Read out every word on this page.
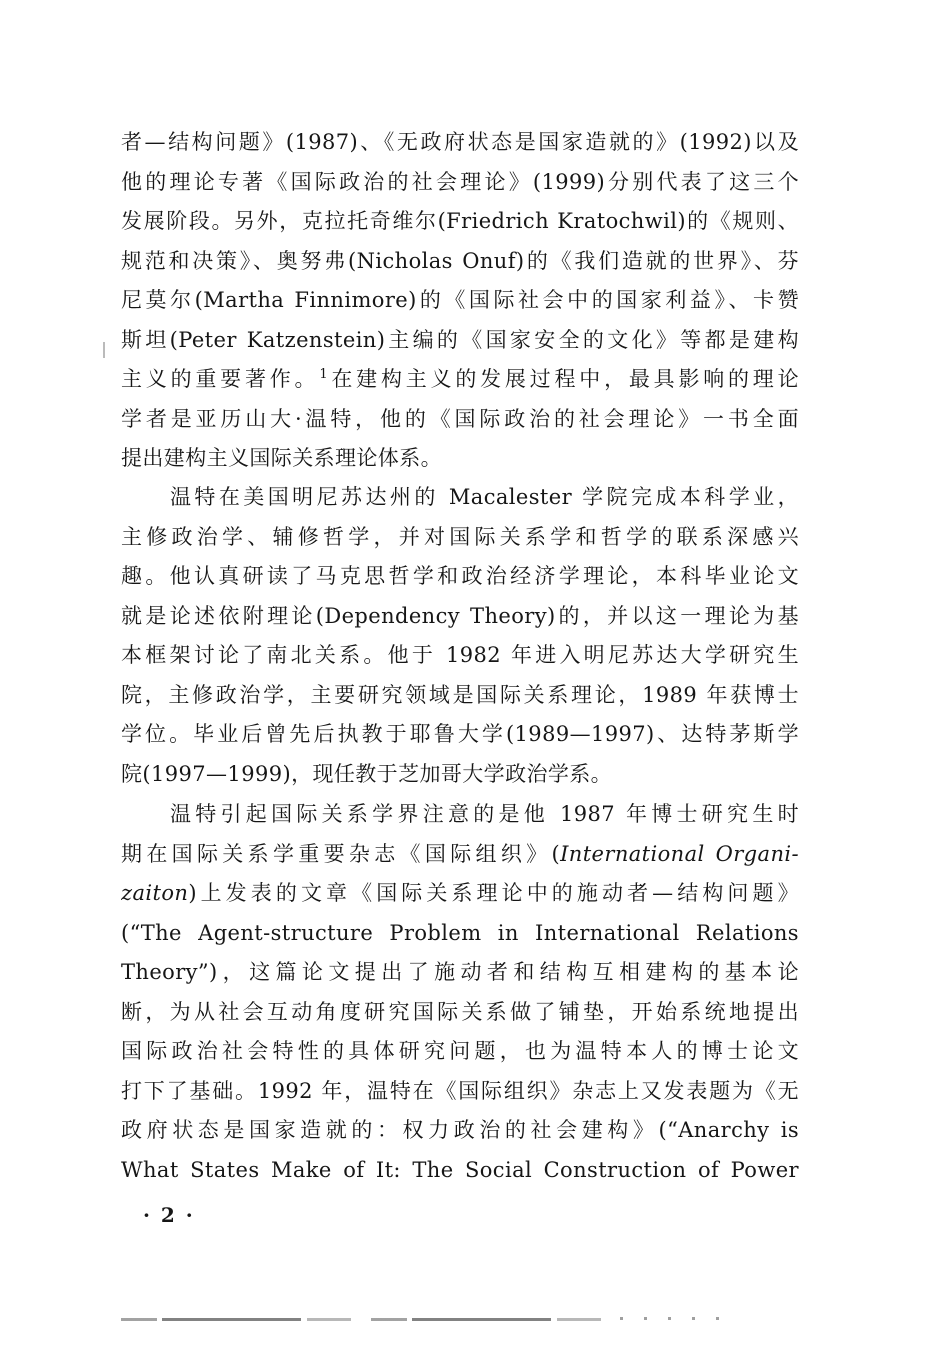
者—结构问题》(1987)、《无政府状态是国家造就的》(1992)以及
他的理论专著《国际政治的社会理论》(1999)分别代表了这三个
发展阶段。另外，克拉托奇维尔(Friedrich Kratochwil)的《规则、
规范和决策》、奥努弗(Nicholas Onuf)的《我们造就的世界》、芬
尼莫尔(Martha Finnimore)的《国际社会中的国家利益》、卡赞
斯坦(Peter Katzenstein)主编的《国家安全的文化》等都是建构
主义的重要著作。$^1$在建构主义的发展过程中，最具影响的理论
学者是亚历山大·温特，他的《国际政治的社会理论》一书全面
提出建构主义国际关系理论体系。
温特在美国明尼苏达州的 Macalester 学院完成本科学业，
主修政治学、辅修哲学，并对国际关系学和哲学的联系深感兴
趣。他认真研读了马克思哲学和政治经济学理论，本科毕业论文
就是论述依附理论(Dependency Theory)的，并以这一理论为基
本框架讨论了南北关系。他于 1982 年进入明尼苏达大学研究生
院，主修政治学，主要研究领域是国际关系理论，1989 年获博士
学位。毕业后曾先后执教于耶鲁大学(1989—1997)、达特茅斯学
院(1997—1999)，现任教于芝加哥大学政治学系。
温特引起国际关系学界注意的是他 1987 年博士研究生时
期在国际关系学重要杂志《国际组织》(International Organi-
zaiton)上发表的文章《国际关系理论中的施动者—结构问题》
(“The Agent-structure Problem in International Relations
Theory”)，这篇论文提出了施动者和结构互相建构的基本论
断，为从社会互动角度研究国际关系做了铺垫，开始系统地提出
国际政治社会特性的具体研究问题，也为温特本人的博士论文
打下了基础。1992 年，温特在《国际组织》杂志上又发表题为《无
政府状态是国家造就的：权力政治的社会建构》(“Anarchy is
What States Make of It: The Social Construction of Power
· 2 ·
